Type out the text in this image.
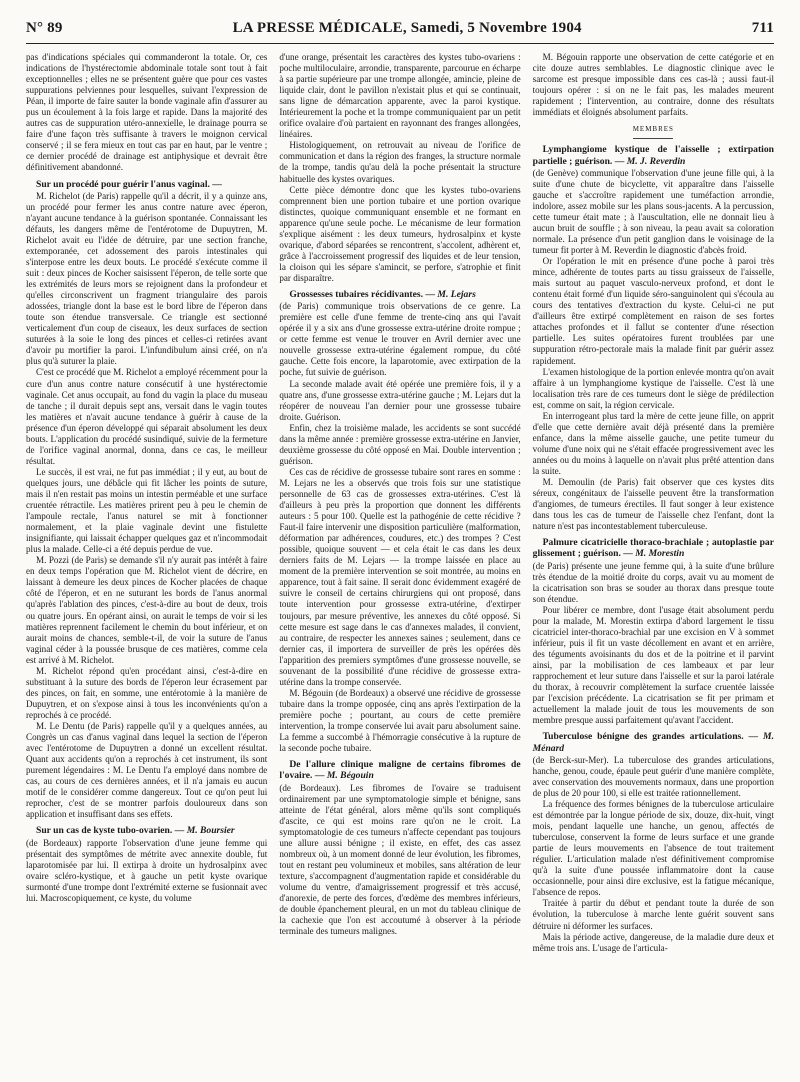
N° 89	LA PRESSE MÉDICALE, Samedi, 5 Novembre 1904	711

pas d'indications spéciales qui commanderont la totale. Or, ces indications de l'hystérectomie abdominale totale sont tout à fait exceptionnelles ; elles ne se présentent guère que pour ces vastes suppurations pelviennes pour lesquelles, suivant l'expression de Péan, il importe de faire sauter la bonde vaginale afin d'assurer au pus un écoulement à la fois large et rapide. Dans la majorité des autres cas de suppuration utéro-annexielle, le drainage pourra se faire d'une façon très suffisante à travers le moignon cervical conservé ; il se fera mieux en tout cas par en haut, par le ventre ; ce dernier procédé de drainage est antiphysique et devrait être définitivement abandonné.

Sur un procédé pour guérir l'anus vaginal. —

M. Richelot (de Paris) rappelle qu'il a décrit, il y a quinze ans, un procédé pour fermer les anus contre nature avec éperon, n'ayant aucune tendance à la guérison spontanée. Connaissant les défauts, les dangers même de l'entérotome de Dupuytren, M. Richelot avait eu l'idée de détruire, par une section franche, extemporanée, cet adossement des parois intestinales qui s'interpose entre les deux bouts. Le procédé s'exécute comme il suit : deux pinces de Kocher saisissent l'éperon, de telle sorte que les extrémités de leurs mors se rejoignent dans la profondeur et qu'elles circonscrivent un fragment triangulaire des parois adossées, triangle dont la base est le bord libre de l'éperon dans toute son étendue transversale. Ce triangle est sectionné verticalement d'un coup de ciseaux, les deux surfaces de section suturées à la soie le long des pinces et celles-ci retirées avant d'avoir pu mortifier la paroi. L'infundibulum ainsi créé, on n'a plus qu'à suturer la plaie.

C'est ce procédé que M. Richelot a employé récemment pour la cure d'un anus contre nature consécutif à une hystérectomie vaginale. Cet anus occupait, au fond du vagin la place du museau de tanche ; il durait depuis sept ans, versait dans le vagin toutes les matières et n'avait aucune tendance à guérir à cause de la présence d'un éperon développé qui séparait absolument les deux bouts. L'application du procédé susindiqué, suivie de la fermeture de l'orifice vaginal anormal, donna, dans ce cas, le meilleur résultat.

Le succès, il est vrai, ne fut pas immédiat ; il y eut, au bout de quelques jours, une débâcle qui fit lâcher les points de suture, mais il n'en restait pas moins un intestin perméable et une surface cruentée rétractile. Les matières prirent peu à peu le chemin de l'ampoule rectale, l'anus naturel se mit à fonctionner normalement, et la plaie vaginale devint une fistulette insignifiante, qui laissait échapper quelques gaz et n'incommodait plus la malade. Celle-ci a été depuis perdue de vue.

M. Pozzi (de Paris) se demande s'il n'y aurait pas intérêt à faire en deux temps l'opération que M. Richelot vient de décrire, en laissant à demeure les deux pinces de Kocher placées de chaque côté de l'éperon, et en ne suturant les bords de l'anus anormal qu'après l'ablation des pinces, c'est-à-dire au bout de deux, trois ou quatre jours. En opérant ainsi, on aurait le temps de voir si les matières reprennent facilement le chemin du bout inférieur, et on aurait moins de chances, semble-t-il, de voir la suture de l'anus vaginal céder à la poussée brusque de ces matières, comme cela est arrivé à M. Richelot.

M. Richelot répond qu'en procédant ainsi, c'est-à-dire en substituant à la suture des bords de l'éperon leur écrasement par des pinces, on fait, en somme, une entérotomie à la manière de Dupuytren, et on s'expose ainsi à tous les inconvénients qu'on a reprochés à ce procédé.

M. Le Dentu (de Paris) rappelle qu'il y a quelques années, au Congrès un cas d'anus vaginal dans lequel la section de l'éperon avec l'entérotome de Dupuytren a donné un excellent résultat. Quant aux accidents qu'on a reprochés à cet instrument, ils sont purement légendaires : M. Le Dentu l'a employé dans nombre de cas, au cours de ces dernières années, et il n'a jamais eu aucun motif de le considérer comme dangereux. Tout ce qu'on peut lui reprocher, c'est de se montrer parfois douloureux dans son application et insuffisant dans ses effets.

Sur un cas de kyste tubo-ovarien. — M. Boursier

(de Bordeaux) rapporte l'observation d'une jeune femme qui présentait des symptômes de métrite avec annexite double, fut laparotomisée par lui. Il extirpa à droite un hydrosalpinx avec ovaire scléro-kystique, et à gauche un petit kyste ovarique surmonté d'une trompe dont l'extrémité externe se fusionnait avec lui. Macroscopiquement, ce kyste, du volume

d'une orange, présentait les caractères des kystes tubo-ovariens : poche multiloculaire, arrondie, transparente, parcourue en écharpe à sa partie supérieure par une trompe allongée, amincie, pleine de liquide clair, dont le pavillon n'existait plus et qui se continuait, sans ligne de démarcation apparente, avec la paroi kystique. Intérieurement la poche et la trompe communiquaient par un petit orifice ovalaire d'où partaient en rayonnant des franges allongées, linéaires.

Histologiquement, on retrouvait au niveau de l'orifice de communication et dans la région des franges, la structure normale de la trompe, tandis qu'au delà la poche présentait la structure habituelle des kystes ovariques.

Cette pièce démontre donc que les kystes tubo-ovariens comprennent bien une portion tubaire et une portion ovarique distinctes, quoique communiquant ensemble et ne formant en apparence qu'une seule poche. Le mécanisme de leur formation s'explique aisément : les deux tumeurs, hydrosalpinx et kyste ovarique, d'abord séparées se rencontrent, s'accolent, adhèrent et, grâce à l'accroissement progressif des liquides et de leur tension, la cloison qui les sépare s'amincit, se perfore, s'atrophie et finit par disparaître.

Grossesses tubaires récidivantes. — M. Lejars

(de Paris) communique trois observations de ce genre. La première est celle d'une femme de trente-cinq ans qui l'avait opérée il y a six ans d'une grossesse extra-utérine droite rompue ; or cette femme est venue le trouver en Avril dernier avec une nouvelle grossesse extra-utérine également rompue, du côté gauche. Cette fois encore, la laparotomie, avec extirpation de la poche, fut suivie de guérison.

La seconde malade avait été opérée une première fois, il y a quatre ans, d'une grossesse extra-utérine gauche ; M. Lejars dut la réopérer de nouveau l'an dernier pour une grossesse tubaire droite. Guérison.

Enfin, chez la troisième malade, les accidents se sont succédé dans la même année : première grossesse extra-utérine en Janvier, deuxième grossesse du côté opposé en Mai. Double intervention ; guérison.

Ces cas de récidive de grossesse tubaire sont rares en somme : M. Lejars ne les a observés que trois fois sur une statistique personnelle de 63 cas de grossesses extra-utérines. C'est là d'ailleurs à peu près la proportion que donnent les différents auteurs : 5 pour 100. Quelle est la pathogénie de cette récidive ? Faut-il faire intervenir une disposition particulière (malformation, déformation par adhérences, coudures, etc.) des trompes ? C'est possible, quoique souvent — et cela était le cas dans les deux derniers faits de M. Lejars — la trompe laissée en place au moment de la première intervention se soit montrée, au moins en apparence, tout à fait saine. Il serait donc évidemment exagéré de suivre le conseil de certains chirurgiens qui ont proposé, dans toute intervention pour grossesse extra-utérine, d'extirper toujours, par mesure préventive, les annexes du côté opposé. Si cette mesure est sage dans le cas d'annexes malades, il convient, au contraire, de respecter les annexes saines ; seulement, dans ce dernier cas, il importera de surveiller de près les opérées dès l'apparition des premiers symptômes d'une grossesse nouvelle, se souvenant de la possibilité d'une récidive de grossesse extra-utérine dans la trompe conservée.

M. Bégouin (de Bordeaux) a observé une récidive de grossesse tubaire dans la trompe opposée, cinq ans après l'extirpation de la première poche ; pourtant, au cours de cette première intervention, la trompe conservée lui avait paru absolument saine. La femme a succombé à l'hémorragie consécutive à la rupture de la seconde poche tubaire.

De l'allure clinique maligne de certains fibromes de l'ovaire. — M. Bégouin

(de Bordeaux). Les fibromes de l'ovaire se traduisent ordinairement par une symptomatologie simple et bénigne, sans atteinte de l'état général, alors même qu'ils sont compliqués d'ascite, ce qui est moins rare qu'on ne le croit. La symptomatologie de ces tumeurs n'affecte cependant pas toujours une allure aussi bénigne ; il existe, en effet, des cas assez nombreux où, à un moment donné de leur évolution, les fibromes, tout en restant peu volumineux et mobiles, sans altération de leur texture, s'accompagnent d'augmentation rapide et considérable du volume du ventre, d'amaigrissement progressif et très accusé, d'anorexie, de perte des forces, d'œdème des membres inférieurs, de double épanchement pleural, en un mot du tableau clinique de la cachexie que l'on est accoutumé à observer à la période terminale des tumeurs malignes.

M. Bégouin rapporte une observation de cette catégorie et en cite douze autres semblables. Le diagnostic clinique avec le sarcome est presque impossible dans ces cas-là ; aussi faut-il toujours opérer : si on ne le fait pas, les malades meurent rapidement ; l'intervention, au contraire, donne des résultats immédiats et éloignés absolument parfaits.

MEMBRES
Lymphangiome kystique de l'aisselle ; extirpation partielle ; guérison. — M. J. Reverdin

(de Genève) communique l'observation d'une jeune fille qui, à la suite d'une chute de bicyclette, vit apparaître dans l'aisselle gauche et s'accroître rapidement une tuméfaction arrondie, indolore, assez mobile sur les plans sous-jacents. A la percussion, cette tumeur était mate ; à l'auscultation, elle ne donnait lieu à aucun bruit de souffle ; à son niveau, la peau avait sa coloration normale. La présence d'un petit ganglion dans le voisinage de la tumeur fit porter à M. Reverdin le diagnostic d'abcès froid.

Or l'opération le mit en présence d'une poche à paroi très mince, adhérente de toutes parts au tissu graisseux de l'aisselle, mais surtout au paquet vasculo-nerveux profond, et dont le contenu était formé d'un liquide séro-sanguinolent qui s'écoula au cours des tentatives d'extraction du kyste. Celui-ci ne put d'ailleurs être extirpé complètement en raison de ses fortes attaches profondes et il fallut se contenter d'une résection partielle. Les suites opératoires furent troublées par une suppuration rétro-pectorale mais la malade finit par guérir assez rapidement.

L'examen histologique de la portion enlevée montra qu'on avait affaire à un lymphangiome kystique de l'aisselle. C'est là une localisation très rare de ces tumeurs dont le siège de prédilection est, comme on sait, la région cervicale.

En interrogeant plus tard la mère de cette jeune fille, on apprit d'elle que cette dernière avait déjà présenté dans la première enfance, dans la même aisselle gauche, une petite tumeur du volume d'une noix qui ne s'était effacée progressivement avec les années ou du moins à laquelle on n'avait plus prêté attention dans la suite.

M. Demoulin (de Paris) fait observer que ces kystes dits séreux, congénitaux de l'aisselle peuvent être la transformation d'angiomes, de tumeurs érectiles. Il faut songer à leur existence dans tous les cas de tumeur de l'aisselle chez l'enfant, dont la nature n'est pas incontestablement tuberculeuse.

Palmure cicatricielle thoraco-brachiale ; autoplastie par glissement ; guérison. — M. Morestin

(de Paris) présente une jeune femme qui, à la suite d'une brûlure très étendue de la moitié droite du corps, avait vu au moment de la cicatrisation son bras se souder au thorax dans presque toute son étendue.

Pour libérer ce membre, dont l'usage était absolument perdu pour la malade, M. Morestin extirpa d'abord largement le tissu cicatriciel inter-thoraco-brachial par une excision en V à sommet inférieur, puis il fit un vaste décollement en avant et en arrière, des téguments avoisinants du dos et de la poitrine et il parvint ainsi, par la mobilisation de ces lambeaux et par leur rapprochement et leur suture dans l'aisselle et sur la paroi latérale du thorax, à recouvrir complètement la surface cruentée laissée par l'excision précédente. La cicatrisation se fit per primam et actuellement la malade jouit de tous les mouvements de son membre presque aussi parfaitement qu'avant l'accident.

Tuberculose bénigne des grandes articulations. — M. Ménard

(de Berck-sur-Mer). La tuberculose des grandes articulations, hanche, genou, coude, épaule peut guérir d'une manière complète, avec conservation des mouvements normaux, dans une proportion de plus de 20 pour 100, si elle est traitée rationnellement.

La fréquence des formes bénignes de la tuberculose articulaire est démontrée par la longue période de six, douze, dix-huit, vingt mois, pendant laquelle une hanche, un genou, affectés de tuberculose, conservent la forme de leurs surface et une grande partie de leurs mouvements en l'absence de tout traitement régulier. L'articulation malade n'est définitivement compromise qu'à la suite d'une poussée inflammatoire dont la cause occasionnelle, pour ainsi dire exclusive, est la fatigue mécanique, l'absence de repos.

Traitée à partir du début et pendant toute la durée de son évolution, la tuberculose à marche lente guérit souvent sans détruire ni déformer les surfaces.

Mais la période active, dangereuse, de la maladie dure deux et même trois ans. L'usage de l'articula-
